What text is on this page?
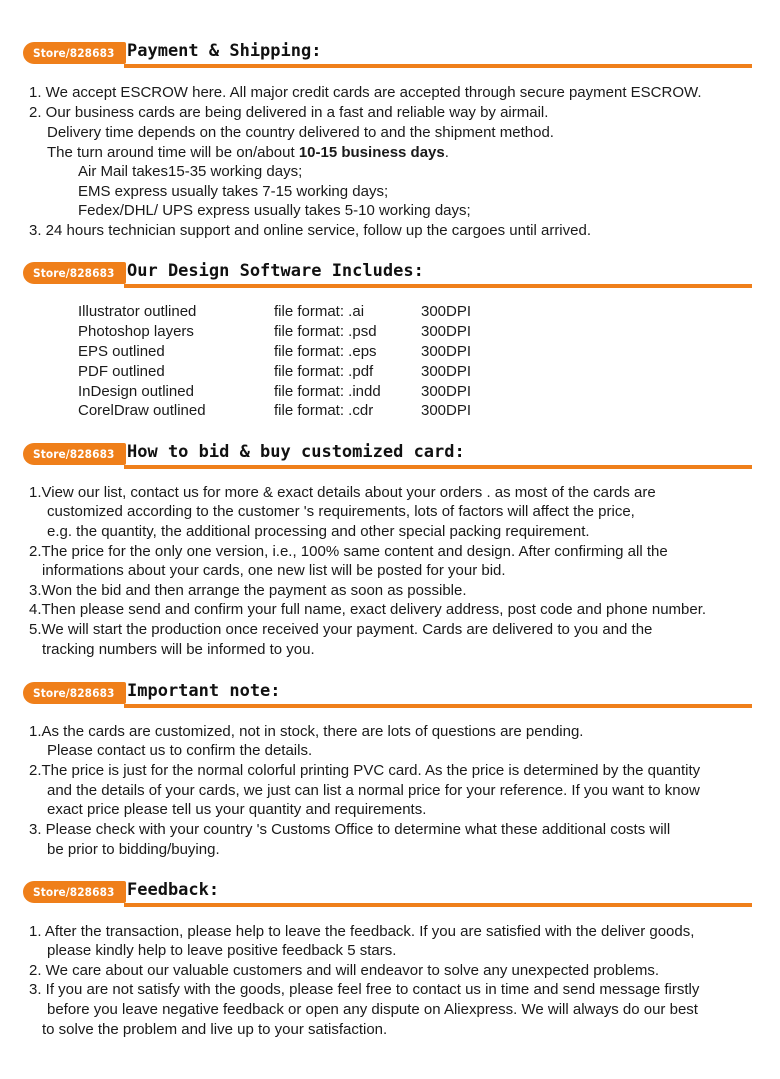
Store/828683 Payment & Shipping:
1. We accept ESCROW here. All major credit cards are accepted through secure payment ESCROW.
2. Our business cards are being delivered in a fast and reliable way by airmail.
Delivery time depends on the country delivered to and the shipment method.
The turn around time will be on/about 10-15 business days.
Air Mail takes15-35 working days;
EMS express usually takes 7-15 working days;
Fedex/DHL/ UPS express usually takes 5-10 working days;
3. 24 hours technician support and online service, follow up the cargoes until arrived.
Store/828683 Our Design Software Includes:
Illustrator outlined	file format: .ai	300DPI
Photoshop layers	file format: .psd	300DPI
EPS outlined	file format: .eps	300DPI
PDF outlined	file format: .pdf	300DPI
InDesign outlined	file format: .indd	300DPI
CorelDraw outlined	file format: .cdr	300DPI
Store/828683 How to bid & buy customized card:
1.View our list, contact us for more & exact details about your orders . as most of the cards are
customized according to the customer 's requirements, lots of factors will affect the price,
e.g. the quantity, the additional processing and other special packing requirement.
2.The price for the only one version, i.e., 100% same content and design. After confirming all the
informations about your cards, one new list will be posted for your bid.
3.Won the bid and then arrange the payment as soon as possible.
4.Then please send and confirm your full name, exact delivery address, post code and phone number.
5.We will start the production once received your payment. Cards are delivered to you and the
tracking numbers will be informed to you.
Store/828683 Important note:
1.As the cards are customized, not in stock, there are lots of questions are pending.
Please contact us to confirm the details.
2.The price is just for the normal colorful printing PVC card. As the price is determined by the quantity
and the details of your cards, we just can list a normal price for your reference. If you want to know
exact price please tell us your quantity and requirements.
3. Please check with your country 's Customs Office to determine what these additional costs will
be prior to bidding/buying.
Store/828683 Feedback:
1. After the transaction, please help to leave the feedback. If you are satisfied with the deliver goods,
please kindly help to leave positive feedback 5 stars.
2. We care about our valuable customers and will endeavor to solve any unexpected problems.
3. If you are not satisfy with the goods, please feel free to contact us in time and send message firstly
before you leave negative feedback or open any dispute on Aliexpress. We will always do our best
to solve the problem and live up to your satisfaction.
